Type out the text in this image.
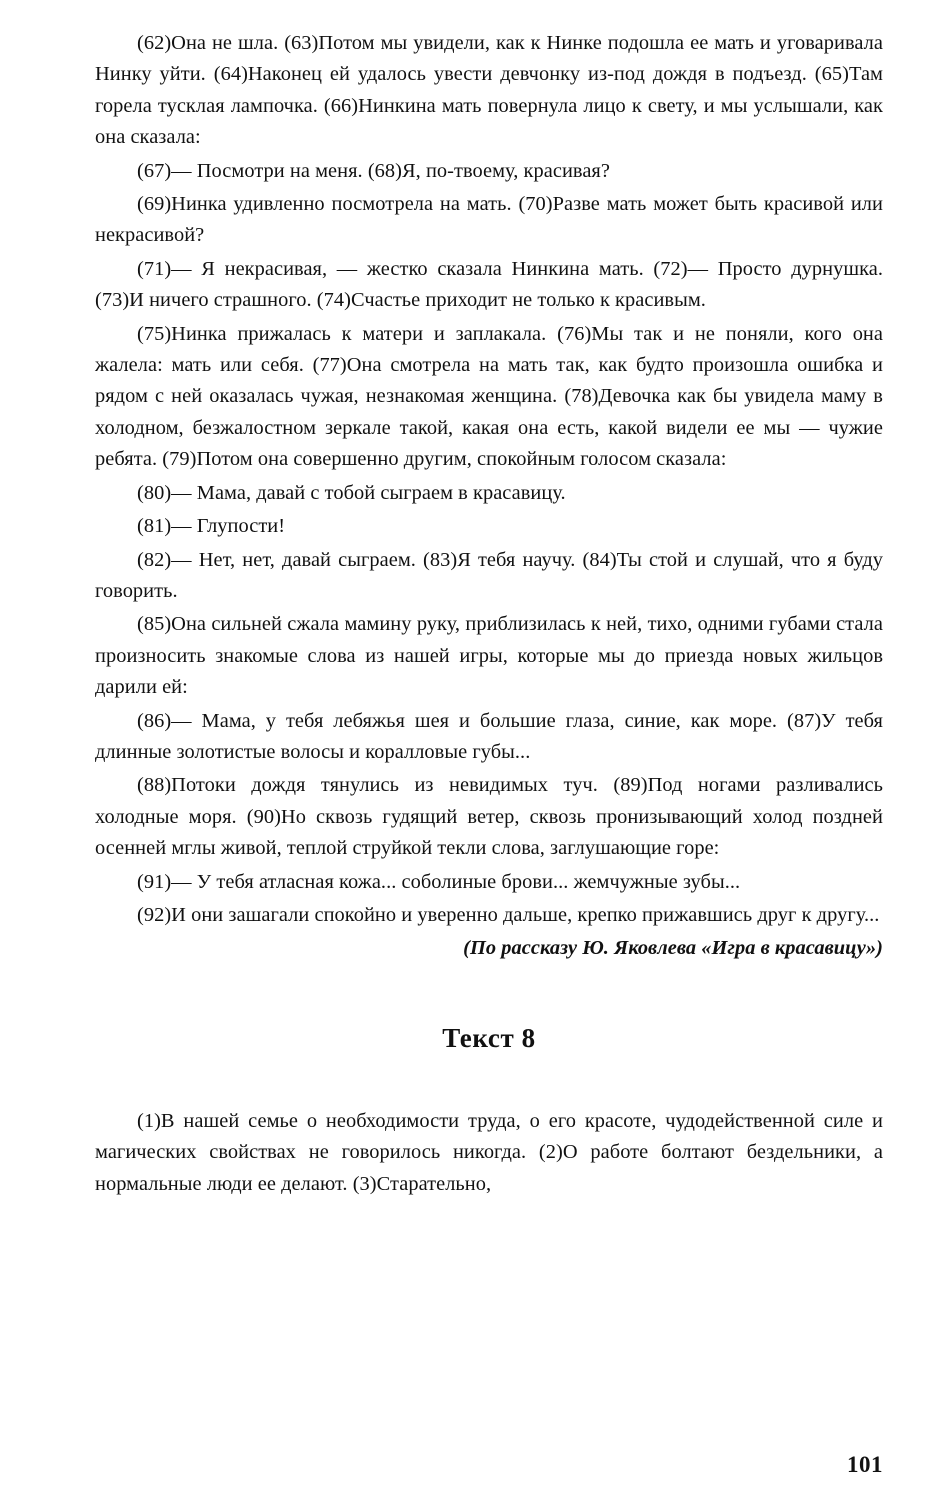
(62)Она не шла. (63)Потом мы увидели, как к Нинке подошла ее мать и уговаривала Нинку уйти. (64)Наконец ей удалось увести девчонку из-под дождя в подъезд. (65)Там горела тусклая лампочка. (66)Нинкина мать повернула лицо к свету, и мы услышали, как она сказала:

(67)— Посмотри на меня. (68)Я, по-твоему, красивая?

(69)Нинка удивленно посмотрела на мать. (70)Разве мать может быть красивой или некрасивой?

(71)— Я некрасивая, — жестко сказала Нинкина мать. (72)— Просто дурнушка. (73)И ничего страшного. (74)Счастье приходит не только к красивым.

(75)Нинка прижалась к матери и заплакала. (76)Мы так и не поняли, кого она жалела: мать или себя. (77)Она смотрела на мать так, как будто произошла ошибка и рядом с ней оказалась чужая, незнакомая женщина. (78)Девочка как бы увидела маму в холодном, безжалостном зеркале такой, какая она есть, какой видели ее мы — чужие ребята. (79)Потом она совершенно другим, спокойным голосом сказала:

(80)— Мама, давай с тобой сыграем в красавицу.

(81)— Глупости!

(82)— Нет, нет, давай сыграем. (83)Я тебя научу. (84)Ты стой и слушай, что я буду говорить.

(85)Она сильней сжала мамину руку, приблизилась к ней, тихо, одними губами стала произносить знакомые слова из нашей игры, которые мы до приезда новых жильцов дарили ей:

(86)— Мама, у тебя лебяжья шея и большие глаза, синие, как море. (87)У тебя длинные золотистые волосы и коралловые губы...

(88)Потоки дождя тянулись из невидимых туч. (89)Под ногами разливались холодные моря. (90)Но сквозь гудящий ветер, сквозь пронизывающий холод поздней осенней мглы живой, теплой струйкой текли слова, заглушающие горе:

(91)— У тебя атласная кожа... соболиные брови... жемчужные зубы...

(92)И они зашагали спокойно и уверенно дальше, крепко прижавшись друг к другу...

(По рассказу Ю. Яковлева «Игра в красавицу»)

Текст 8

(1)В нашей семье о необходимости труда, о его красоте, чудодейственной силе и магических свойствах не говорилось никогда. (2)О работе болтают бездельники, а нормальные люди ее делают. (3)Старательно,

101
